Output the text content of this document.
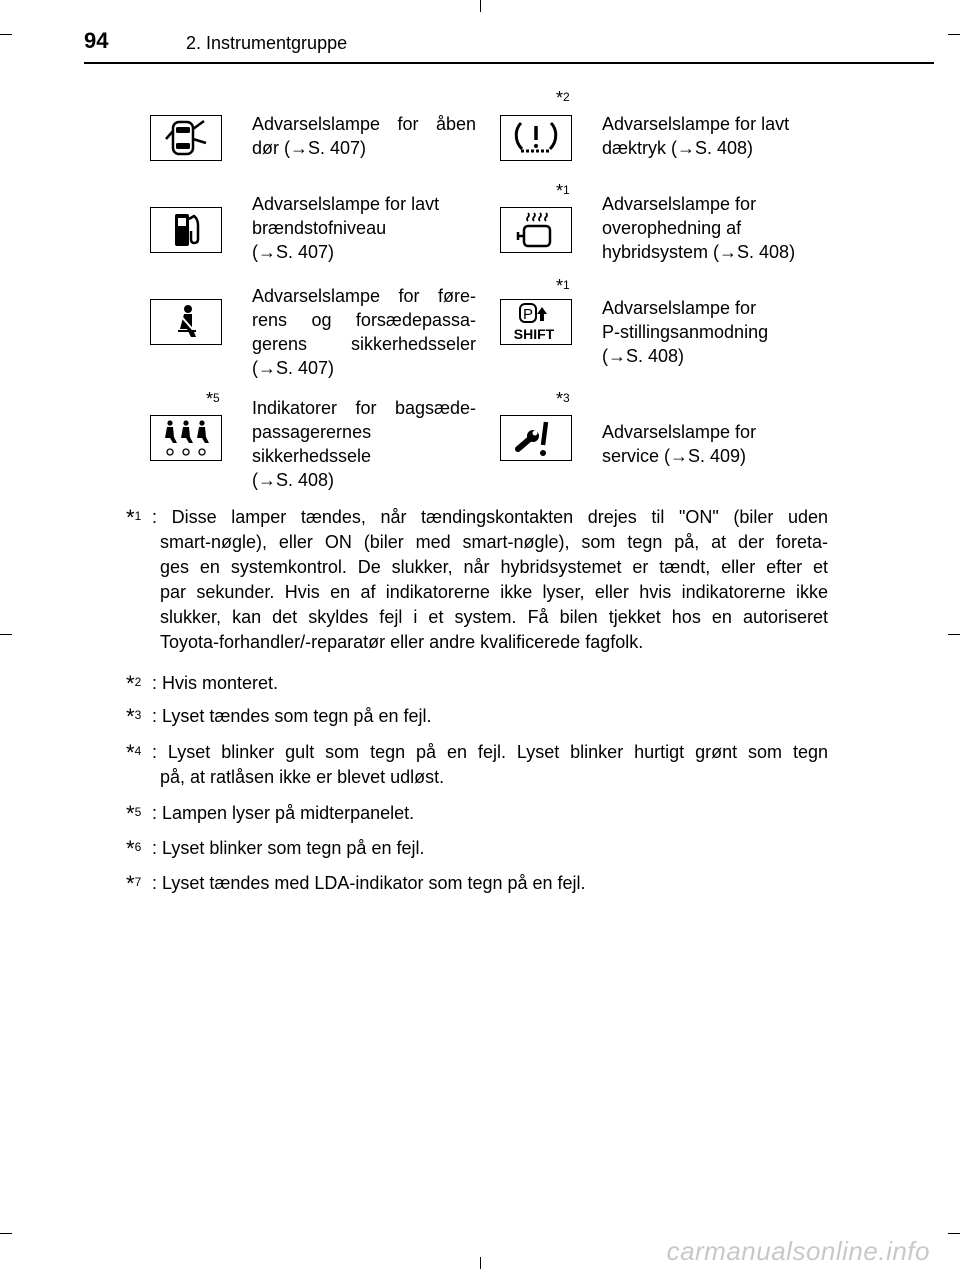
94	2. Instrumentgruppe
Advarselslampe for åben
dør (→S. 407)
*$^2$
Advarselslampe for lavt
dæktryk (→S. 408)
Advarselslampe for lavt
brændstofniveau
(→S. 407)
*$^1$
Advarselslampe for
overophedning af
hybridsystem (→S. 408)
Advarselslampe for føre-
rens og forsædepassa-
gerens sikkerhedsseler
(→S. 407)
*$^1$
P
SHIFT
Advarselslampe for
P-stillingsanmodning
(→S. 408)
*$^5$ Indikatorer for bagsæde-
passagerernes
sikkerhedssele
(→S. 408)
*$^3$
Advarselslampe for
service (→S. 409)
*$^1$ : Disse lamper tændes, når tændingskontakten drejes til "ON" (biler uden
smart-nøgle), eller ON (biler med smart-nøgle), som tegn på, at der foreta-
ges en systemkontrol. De slukker, når hybridsystemet er tændt, eller efter et
par sekunder. Hvis en af indikatorerne ikke lyser, eller hvis indikatorerne ikke
slukker, kan det skyldes fejl i et system. Få bilen tjekket hos en autoriseret
Toyota-forhandler/-reparatør eller andre kvalificerede fagfolk.
*$^2$ : Hvis monteret.
*$^3$ : Lyset tændes som tegn på en fejl.
*$^4$ : Lyset blinker gult som tegn på en fejl. Lyset blinker hurtigt grønt som tegn
på, at ratlåsen ikke er blevet udløst.
*$^5$ : Lampen lyser på midterpanelet.
*$^6$ : Lyset blinker som tegn på en fejl.
*$^7$ : Lyset tændes med LDA-indikator som tegn på en fejl.
carmanualsonline.info
